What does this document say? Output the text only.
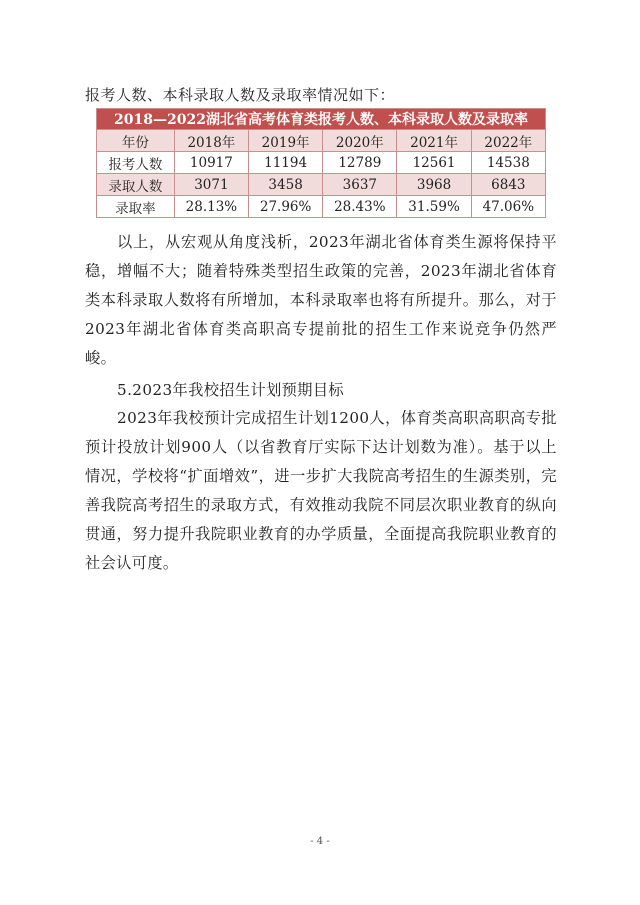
报考人数、本科录取人数及录取率情况如下：
2018—2022湖北省高考体育类报考人数、本科录取人数及录取率					
年份	2018年	2019年	2020年	2021年	2022年
报考人数	10917	11194	12789	12561	14538
录取人数	3071	3458	3637	3968	6843
录取率	28.13%	27.96%	28.43%	31.59%	47.06%

以上，从宏观从角度浅析，2023年湖北省体育类生源将保持平稳，增幅不大；随着特殊类型招生政策的完善，2023年湖北省体育类本科录取人数将有所增加，本科录取率也将有所提升。那么，对于2023年湖北省体育类高职高专提前批的招生工作来说竞争仍然严峻。

5.2023年我校招生计划预期目标

2023年我校预计完成招生计划1200人，体育类高职高职高专批预计投放计划900人（以省教育厅实际下达计划数为准）。基于以上情况，学校将“扩面增效”，进一步扩大我院高考招生的生源类别，完善我院高考招生的录取方式，有效推动我院不同层次职业教育的纵向贯通，努力提升我院职业教育的办学质量，全面提高我院职业教育的社会认可度。

- 4 -
